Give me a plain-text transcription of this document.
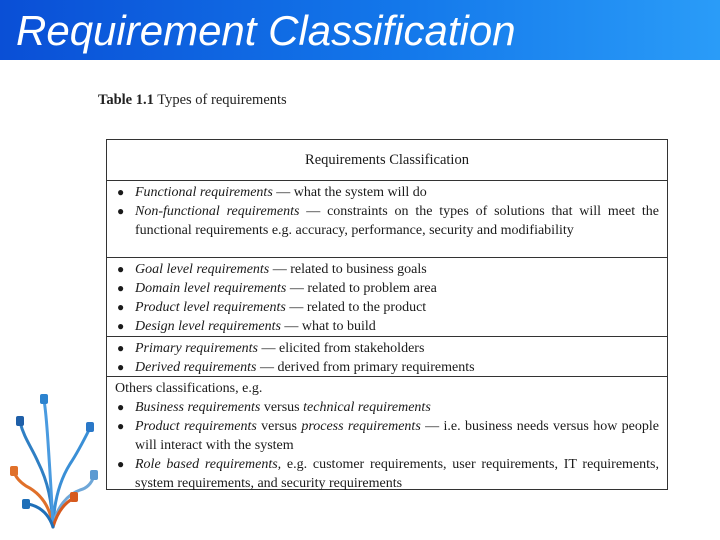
Requirement Classification
Table 1.1 Types of requirements
Requirements Classification
● Functional requirements — what the system will do
● Non-functional requirements — constraints on the types of solutions that will meet the functional requirements e.g. accuracy, performance, security and modifiability
● Goal level requirements — related to business goals
● Domain level requirements — related to problem area
● Product level requirements — related to the product
● Design level requirements — what to build
● Primary requirements — elicited from stakeholders
● Derived requirements — derived from primary requirements
Others classifications, e.g.
● Business requirements versus technical requirements
● Product requirements versus process requirements — i.e. business needs versus how people will interact with the system
● Role based requirements, e.g. customer requirements, user requirements, IT requirements, system requirements, and security requirements
